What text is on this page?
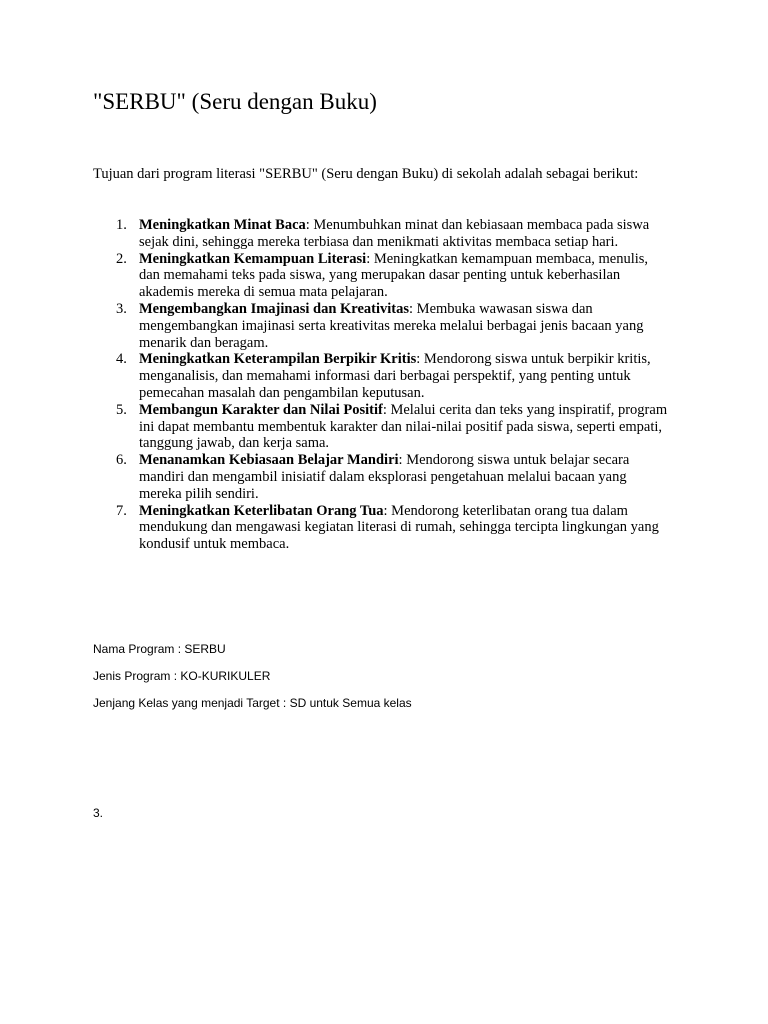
"SERBU" (Seru dengan Buku)

Tujuan dari program literasi "SERBU" (Seru dengan Buku) di sekolah adalah sebagai berikut:

1. Meningkatkan Minat Baca: Menumbuhkan minat dan kebiasaan membaca pada siswa sejak dini, sehingga mereka terbiasa dan menikmati aktivitas membaca setiap hari.
2. Meningkatkan Kemampuan Literasi: Meningkatkan kemampuan membaca, menulis, dan memahami teks pada siswa, yang merupakan dasar penting untuk keberhasilan akademis mereka di semua mata pelajaran.
3. Mengembangkan Imajinasi dan Kreativitas: Membuka wawasan siswa dan mengembangkan imajinasi serta kreativitas mereka melalui berbagai jenis bacaan yang menarik dan beragam.
4. Meningkatkan Keterampilan Berpikir Kritis: Mendorong siswa untuk berpikir kritis, menganalisis, dan memahami informasi dari berbagai perspektif, yang penting untuk pemecahan masalah dan pengambilan keputusan.
5. Membangun Karakter dan Nilai Positif: Melalui cerita dan teks yang inspiratif, program ini dapat membantu membentuk karakter dan nilai-nilai positif pada siswa, seperti empati, tanggung jawab, dan kerja sama.
6. Menanamkan Kebiasaan Belajar Mandiri: Mendorong siswa untuk belajar secara mandiri dan mengambil inisiatif dalam eksplorasi pengetahuan melalui bacaan yang mereka pilih sendiri.
7. Meningkatkan Keterlibatan Orang Tua: Mendorong keterlibatan orang tua dalam mendukung dan mengawasi kegiatan literasi di rumah, sehingga tercipta lingkungan yang kondusif untuk membaca.

Nama Program : SERBU

Jenis Program : KO-KURIKULER

Jenjang Kelas yang menjadi Target : SD untuk Semua kelas

3.
